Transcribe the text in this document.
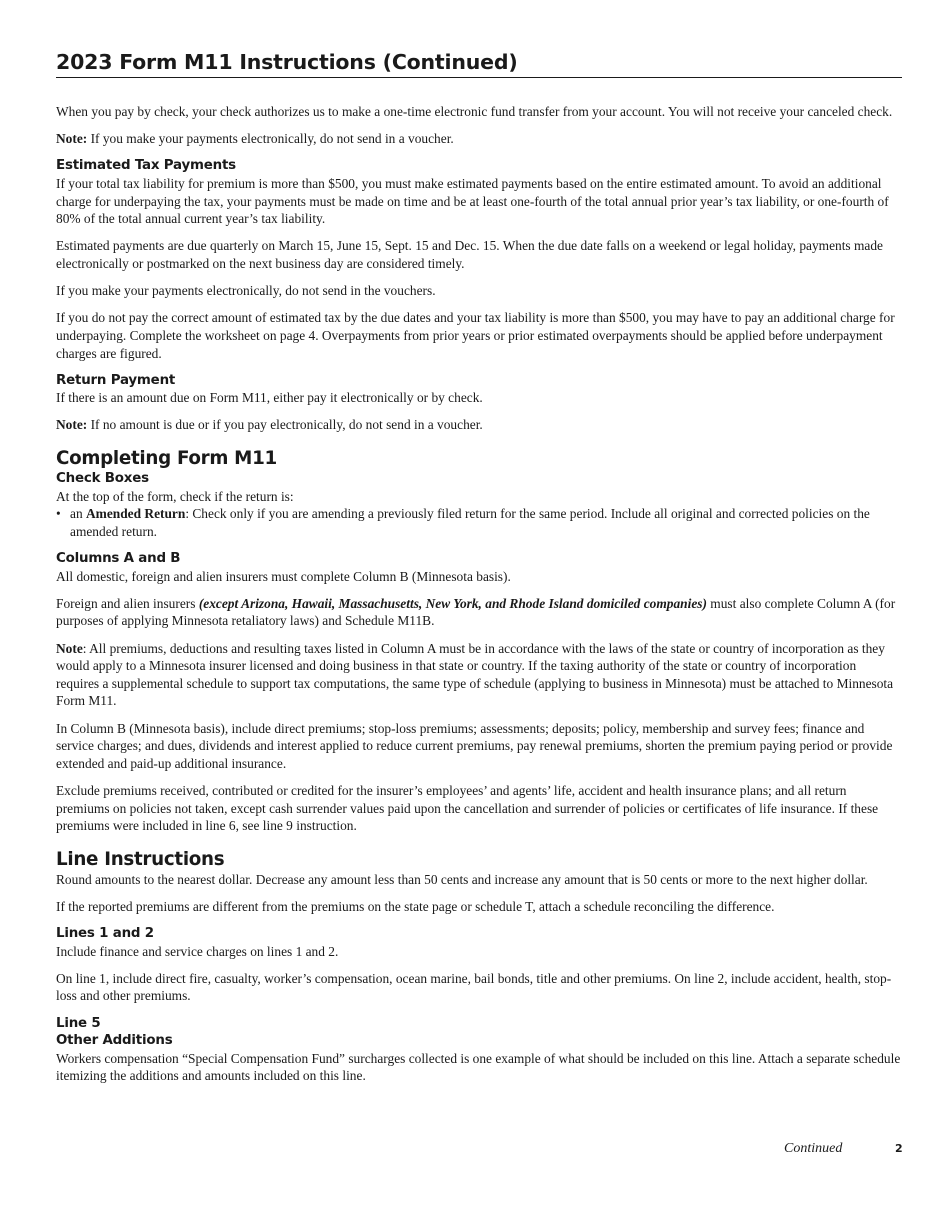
2023 Form M11 Instructions (Continued)

When you pay by check, your check authorizes us to make a one-time electronic fund transfer from your account. You will not receive your canceled check.

Note: If you make your payments electronically, do not send in a voucher.

Estimated Tax Payments

If your total tax liability for premium is more than $500, you must make estimated payments based on the entire estimated amount. To avoid an additional charge for underpaying the tax, your payments must be made on time and be at least one-fourth of the total annual prior year’s tax liability, or one-fourth of 80% of the total annual current year’s tax liability.

Estimated payments are due quarterly on March 15, June 15, Sept. 15 and Dec. 15. When the due date falls on a weekend or legal holiday, payments made electronically or postmarked on the next business day are considered timely.

If you make your payments electronically, do not send in the vouchers.

If you do not pay the correct amount of estimated tax by the due dates and your tax liability is more than $500, you may have to pay an additional charge for underpaying. Complete the worksheet on page 4. Overpayments from prior years or prior estimated overpayments should be applied before underpayment charges are figured.

Return Payment

If there is an amount due on Form M11, either pay it electronically or by check.

Note: If no amount is due or if you pay electronically, do not send in a voucher.

Completing Form M11
Check Boxes
At the top of the form, check if the return is:
• an Amended Return: Check only if you are amending a previously filed return for the same period. Include all original and corrected policies on the amended return.
Columns A and B

All domestic, foreign and alien insurers must complete Column B (Minnesota basis).

Foreign and alien insurers (except Arizona, Hawaii, Massachusetts, New York, and Rhode Island domiciled companies) must also complete Column A (for purposes of applying Minnesota retaliatory laws) and Schedule M11B.

Note: All premiums, deductions and resulting taxes listed in Column A must be in accordance with the laws of the state or country of incorporation as they would apply to a Minnesota insurer licensed and doing business in that state or country. If the taxing authority of the state or country of incorporation requires a supplemental schedule to support tax computations, the same type of schedule (applying to business in Minnesota) must be attached to Minnesota Form M11.

In Column B (Minnesota basis), include direct premiums; stop-loss premiums; assessments; deposits; policy, membership and survey fees; finance and service charges; and dues, dividends and interest applied to reduce current premiums, pay renewal premiums, shorten the premium paying period or provide extended and paid-up additional insurance.

Exclude premiums received, contributed or credited for the insurer’s employees’ and agents’ life, accident and health insurance plans; and all return premiums on policies not taken, except cash surrender values paid upon the cancellation and surrender of policies or certificates of life insurance. If these premiums were included in line 6, see line 9 instruction.

Line Instructions

Round amounts to the nearest dollar. Decrease any amount less than 50 cents and increase any amount that is 50 cents or more to the next higher dollar.

If the reported premiums are different from the premiums on the state page or schedule T, attach a schedule reconciling the difference.

Lines 1 and 2

Include finance and service charges on lines 1 and 2.

On line 1, include direct fire, casualty, worker’s compensation, ocean marine, bail bonds, title and other premiums. On line 2, include accident, health, stop-loss and other premiums.

Line 5
Other Additions

Workers compensation “Special Compensation Fund” surcharges collected is one example of what should be included on this line. Attach a separate schedule itemizing the additions and amounts included on this line.

Continued	2
